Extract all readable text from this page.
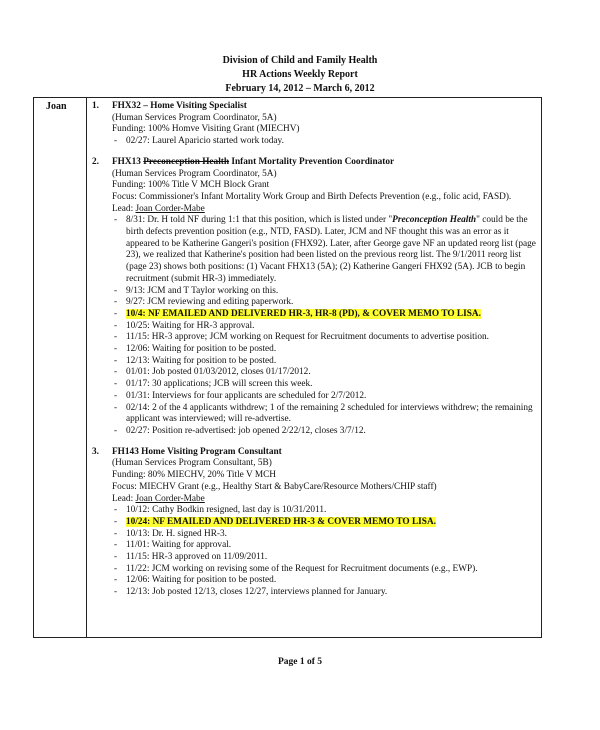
Division of Child and Family Health
HR Actions Weekly Report
February 14, 2012 – March 6, 2012
Joan	1.	FHX32 – Home Visiting Specialist
(Human Services Program Coordinator, 5A)
Funding: 100% Homve Visiting Grant (MIECHV)
- 02/27: Laurel Aparicio started work today.
2.	FHX13 Preconception Health Infant Mortality Prevention Coordinator
(Human Services Program Coordinator, 5A)
Funding: 100% Title V MCH Block Grant
Focus: Commissioner's Infant Mortality Work Group and Birth Defects Prevention (e.g., folic acid, FASD).
Lead: Joan Corder-Mabe
- 8/31: Dr. H told NF during 1:1 that this position, which is listed under "Preconception Health" could be the birth defects prevention position (e.g., NTD, FASD). Later, JCM and NF thought this was an error as it appeared to be Katherine Gangeri's position (FHX92). Later, after George gave NF an updated reorg list (page 23), we realized that Katherine's position had been listed on the previous reorg list. The 9/1/2011 reorg list (page 23) shows both positions: (1) Vacant FHX13 (5A); (2) Katherine Gangeri FHX92 (5A). JCB to begin recruitment (submit HR-3) immediately.
- 9/13: JCM and T Taylor working on this.
- 9/27: JCM reviewing and editing paperwork.
- 10/4: NF EMAILED AND DELIVERED HR-3, HR-8 (PD), & COVER MEMO TO LISA.
- 10/25: Waiting for HR-3 approval.
- 11/15: HR-3 approve; JCM working on Request for Recruitment documents to advertise position.
- 12/06: Waiting for position to be posted.
- 12/13: Waiting for position to be posted.
- 01/01: Job posted 01/03/2012, closes 01/17/2012.
- 01/17: 30 applications; JCB will screen this week.
- 01/31: Interviews for four applicants are scheduled for 2/7/2012.
- 02/14: 2 of the 4 applicants withdrew; 1 of the remaining 2 scheduled for interviews withdrew; the remaining applicant was interviewed; will re-advertise.
- 02/27: Position re-advertised: job opened 2/22/12, closes 3/7/12.
3.	FH143 Home Visiting Program Consultant
(Human Services Program Consultant, 5B)
Funding: 80% MIECHV, 20% Title V MCH
Focus: MIECHV Grant (e.g., Healthy Start & BabyCare/Resource Mothers/CHIP staff)
Lead: Joan Corder-Mabe
- 10/12: Cathy Bodkin resigned, last day is 10/31/2011.
- 10/24: NF EMAILED AND DELIVERED HR-3 & COVER MEMO TO LISA.
- 10/13: Dr. H. signed HR-3.
- 11/01: Waiting for approval.
- 11/15: HR-3 approved on 11/09/2011.
- 11/22: JCM working on revising some of the Request for Recruitment documents (e.g., EWP).
- 12/06: Waiting for position to be posted.
- 12/13: Job posted 12/13, closes 12/27, interviews planned for January.
Page 1 of 5
